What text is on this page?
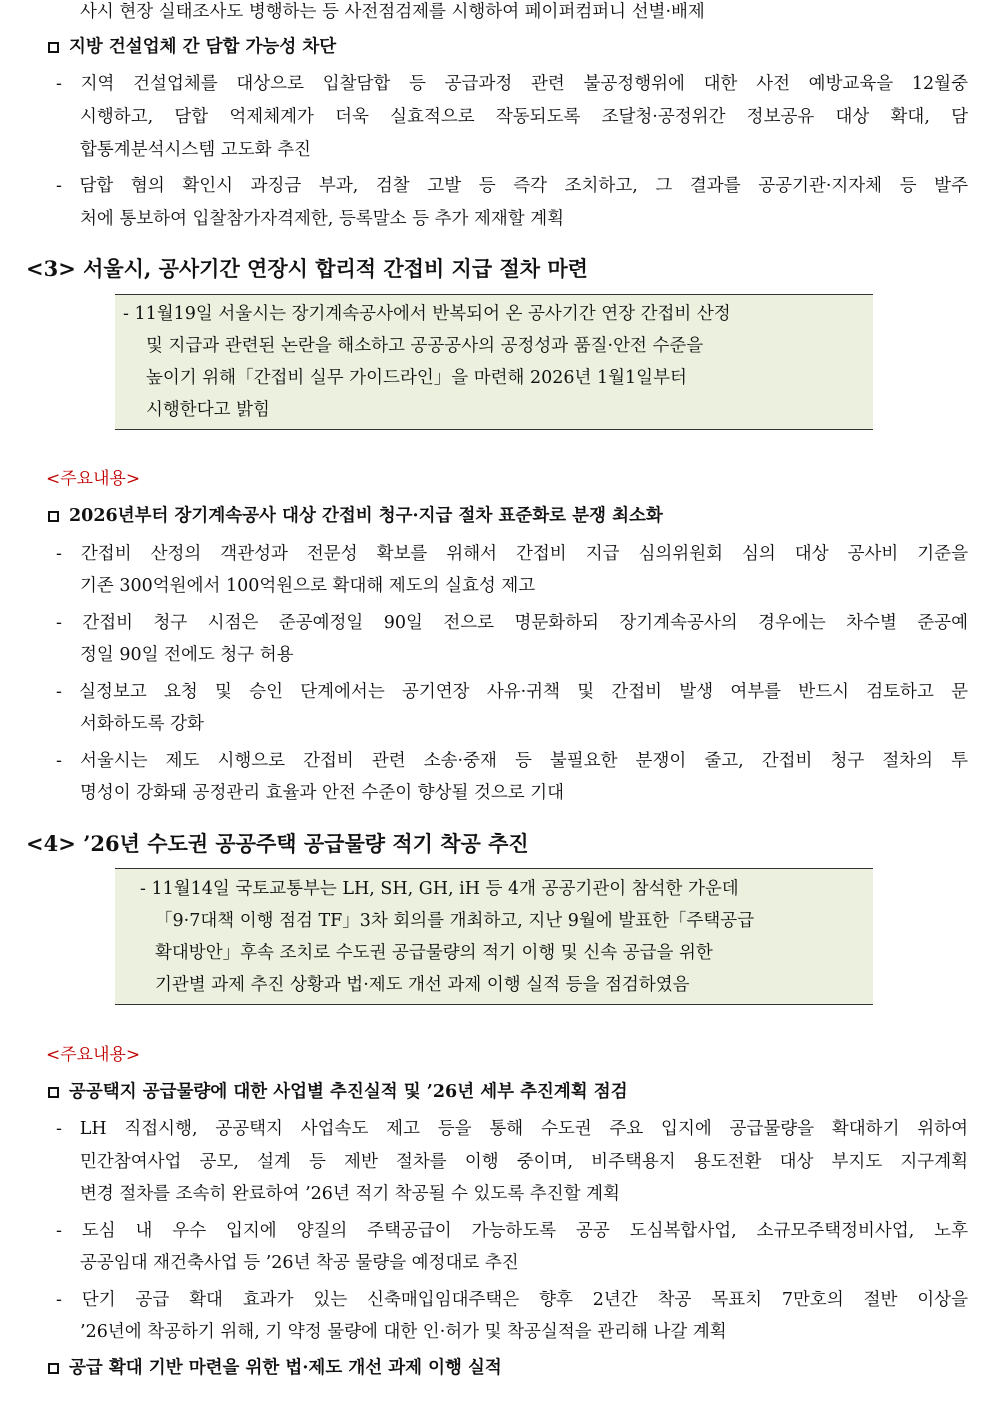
사시 현장 실태조사도 병행하는 등 사전점검제를 시행하여 페이퍼컴퍼니 선별·배제
지방 건설업체 간 담합 가능성 차단
- 지역 건설업체를 대상으로 입찰담합 등 공급과정 관련 불공정행위에 대한 사전 예방교육을 12월중
시행하고, 담합 억제체계가 더욱 실효적으로 작동되도록 조달청·공정위간 정보공유 대상 확대, 담
합통계분석시스템 고도화 추진
- 담합 혐의 확인시 과징금 부과, 검찰 고발 등 즉각 조치하고, 그 결과를 공공기관·지자체 등 발주
처에 통보하여 입찰참가자격제한, 등록말소 등 추가 제재할 계획
<3> 서울시, 공사기간 연장시 합리적 간접비 지급 절차 마련
- 11월19일 서울시는 장기계속공사에서 반복되어 온 공사기간 연장 간접비 산정
및 지급과 관련된 논란을 해소하고 공공공사의 공정성과 품질·안전 수준을
높이기 위해「간접비 실무 가이드라인」을 마련해 2026년 1월1일부터
시행한다고 밝힘
<주요내용>
2026년부터 장기계속공사 대상 간접비 청구·지급 절차 표준화로 분쟁 최소화
- 간접비 산정의 객관성과 전문성 확보를 위해서 간접비 지급 심의위원회 심의 대상 공사비 기준을
기존 300억원에서 100억원으로 확대해 제도의 실효성 제고
- 간접비 청구 시점은 준공예정일 90일 전으로 명문화하되 장기계속공사의 경우에는 차수별 준공예
정일 90일 전에도 청구 허용
- 실정보고 요청 및 승인 단계에서는 공기연장 사유·귀책 및 간접비 발생 여부를 반드시 검토하고 문
서화하도록 강화
- 서울시는 제도 시행으로 간접비 관련 소송·중재 등 불필요한 분쟁이 줄고, 간접비 청구 절차의 투
명성이 강화돼 공정관리 효율과 안전 수준이 향상될 것으로 기대
<4> ’26년 수도권 공공주택 공급물량 적기 착공 추진
- 11월14일 국토교통부는 LH, SH, GH, iH 등 4개 공공기관이 참석한 가운데
「9·7대책 이행 점검 TF」3차 회의를 개최하고, 지난 9월에 발표한「주택공급
확대방안」후속 조치로 수도권 공급물량의 적기 이행 및 신속 공급을 위한
기관별 과제 추진 상황과 법·제도 개선 과제 이행 실적 등을 점검하였음
<주요내용>
공공택지 공급물량에 대한 사업별 추진실적 및 ’26년 세부 추진계획 점검
- LH 직접시행, 공공택지 사업속도 제고 등을 통해 수도권 주요 입지에 공급물량을 확대하기 위하여
민간참여사업 공모, 설계 등 제반 절차를 이행 중이며, 비주택용지 용도전환 대상 부지도 지구계획
변경 절차를 조속히 완료하여 ’26년 적기 착공될 수 있도록 추진할 계획
- 도심 내 우수 입지에 양질의 주택공급이 가능하도록 공공 도심복합사업, 소규모주택정비사업, 노후
공공임대 재건축사업 등 ’26년 착공 물량을 예정대로 추진
- 단기 공급 확대 효과가 있는 신축매입임대주택은 향후 2년간 착공 목표치 7만호의 절반 이상을
’26년에 착공하기 위해, 기 약정 물량에 대한 인·허가 및 착공실적을 관리해 나갈 계획
공급 확대 기반 마련을 위한 법·제도 개선 과제 이행 실적
